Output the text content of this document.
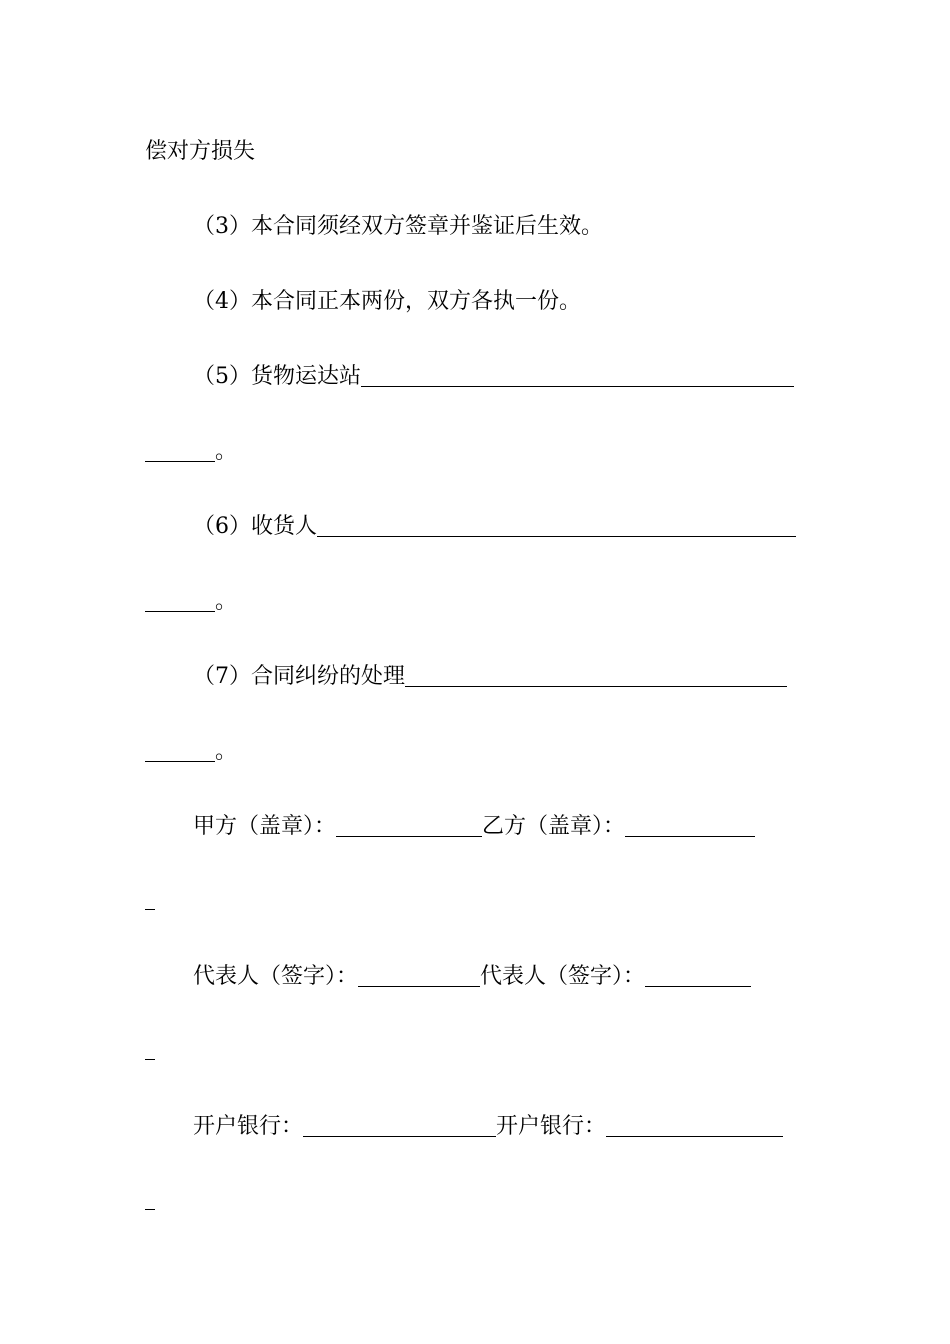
偿对方损失
（3）本合同须经双方签章并鉴证后生效。
（4）本合同正本两份，双方各执一份。
（5）货物运达站
。
（6）收货人
。
（7）合同纠纷的处理
。
甲方（盖章）：	乙方（盖章）：
代表人（签字）：	代表人（签字）：
开户银行：	开户银行：
